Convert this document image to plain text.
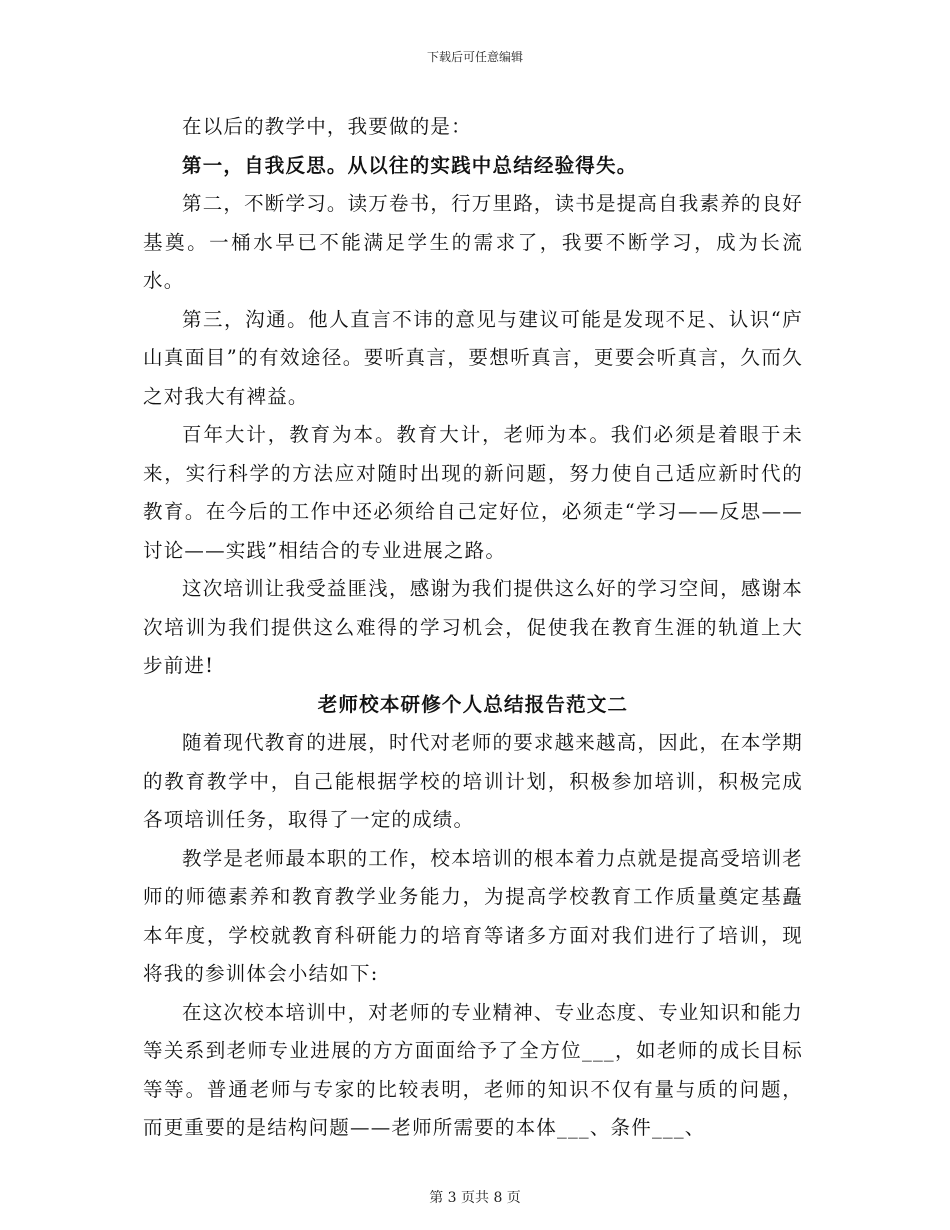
下载后可任意编辑

在以后的教学中，我要做的是：

第一，自我反思。从以往的实践中总结经验得失。

第二，不断学习。读万卷书，行万里路，读书是提高自我素养的良好基奠。一桶水早已不能满足学生的需求了，我要不断学习，成为长流水。

第三，沟通。他人直言不讳的意见与建议可能是发现不足、认识“庐山真面目”的有效途径。要听真言，要想听真言，更要会听真言，久而久之对我大有裨益。

百年大计，教育为本。教育大计，老师为本。我们必须是着眼于未来，实行科学的方法应对随时出现的新问题，努力使自己适应新时代的教育。在今后的工作中还必须给自己定好位，必须走“学习——反思——讨论——实践”相结合的专业进展之路。

这次培训让我受益匪浅，感谢为我们提供这么好的学习空间，感谢本次培训为我们提供这么难得的学习机会，促使我在教育生涯的轨道上大步前进!

老师校本研修个人总结报告范文二

随着现代教育的进展，时代对老师的要求越来越高，因此，在本学期的教育教学中，自己能根据学校的培训计划，积极参加培训，积极完成各项培训任务，取得了一定的成绩。

教学是老师最本职的工作，校本培训的根本着力点就是提高受培训老师的师德素养和教育教学业务能力，为提高学校教育工作质量奠定基矗本年度，学校就教育科研能力的培育等诸多方面对我们进行了培训，现将我的参训体会小结如下:

在这次校本培训中，对老师的专业精神、专业态度、专业知识和能力等关系到老师专业进展的方方面面给予了全方位___，如老师的成长目标等等。普通老师与专家的比较表明，老师的知识不仅有量与质的问题，而更重要的是结构问题——老师所需要的本体___、条件___、

第 3 页共 8 页
